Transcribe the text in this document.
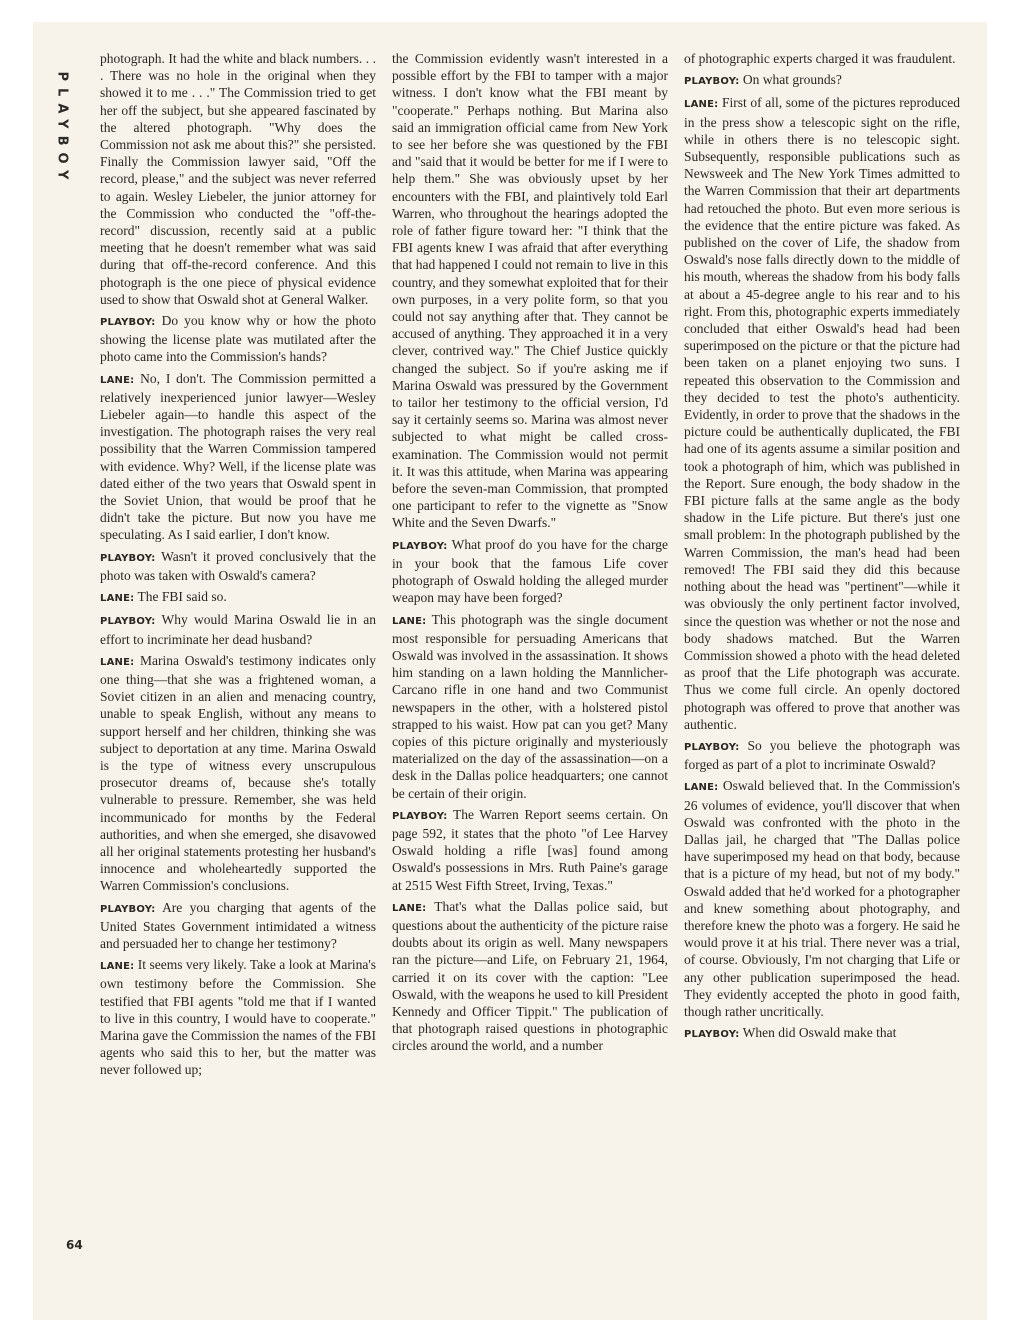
PLAYBOY
64

photograph. It had the white and black numbers. . . . There was no hole in the original when they showed it to me . . ." The Commission tried to get her off the subject, but she appeared fascinated by the altered photograph. "Why does the Commission not ask me about this?" she persisted. Finally the Commission lawyer said, "Off the record, please," and the subject was never referred to again. Wesley Liebeler, the junior attorney for the Commission who conducted the "off-the-record" discussion, recently said at a public meeting that he doesn't remember what was said during that off-the-record conference. And this photograph is the one piece of physical evidence used to show that Oswald shot at General Walker.

PLAYBOY: Do you know why or how the photo showing the license plate was mutilated after the photo came into the Commission's hands?

LANE: No, I don't. The Commission permitted a relatively inexperienced junior lawyer—Wesley Liebeler again—to handle this aspect of the investigation. The photograph raises the very real possibility that the Warren Commission tampered with evidence. Why? Well, if the license plate was dated either of the two years that Oswald spent in the Soviet Union, that would be proof that he didn't take the picture. But now you have me speculating. As I said earlier, I don't know.

PLAYBOY: Wasn't it proved conclusively that the photo was taken with Oswald's camera?

LANE: The FBI said so.

PLAYBOY: Why would Marina Oswald lie in an effort to incriminate her dead husband?

LANE: Marina Oswald's testimony indicates only one thing—that she was a frightened woman, a Soviet citizen in an alien and menacing country, unable to speak English, without any means to support herself and her children, thinking she was subject to deportation at any time. Marina Oswald is the type of witness every unscrupulous prosecutor dreams of, because she's totally vulnerable to pressure. Remember, she was held incommunicado for months by the Federal authorities, and when she emerged, she disavowed all her original statements protesting her husband's innocence and wholeheartedly supported the Warren Commission's conclusions.

PLAYBOY: Are you charging that agents of the United States Government intimidated a witness and persuaded her to change her testimony?

LANE: It seems very likely. Take a look at Marina's own testimony before the Commission. She testified that FBI agents "told me that if I wanted to live in this country, I would have to cooperate." Marina gave the Commission the names of the FBI agents who said this to her, but the matter was never followed up;

the Commission evidently wasn't interested in a possible effort by the FBI to tamper with a major witness. I don't know what the FBI meant by "cooperate." Perhaps nothing. But Marina also said an immigration official came from New York to see her before she was questioned by the FBI and "said that it would be better for me if I were to help them." She was obviously upset by her encounters with the FBI, and plaintively told Earl Warren, who throughout the hearings adopted the role of father figure toward her: "I think that the FBI agents knew I was afraid that after everything that had happened I could not remain to live in this country, and they somewhat exploited that for their own purposes, in a very polite form, so that you could not say anything after that. They cannot be accused of anything. They approached it in a very clever, contrived way." The Chief Justice quickly changed the subject. So if you're asking me if Marina Oswald was pressured by the Government to tailor her testimony to the official version, I'd say it certainly seems so. Marina was almost never subjected to what might be called cross-examination. The Commission would not permit it. It was this attitude, when Marina was appearing before the seven-man Commission, that prompted one participant to refer to the vignette as "Snow White and the Seven Dwarfs."

PLAYBOY: What proof do you have for the charge in your book that the famous Life cover photograph of Oswald holding the alleged murder weapon may have been forged?

LANE: This photograph was the single document most responsible for persuading Americans that Oswald was involved in the assassination. It shows him standing on a lawn holding the Mannlicher-Carcano rifle in one hand and two Communist newspapers in the other, with a holstered pistol strapped to his waist. How pat can you get? Many copies of this picture originally and mysteriously materialized on the day of the assassination—on a desk in the Dallas police headquarters; one cannot be certain of their origin.

PLAYBOY: The Warren Report seems certain. On page 592, it states that the photo "of Lee Harvey Oswald holding a rifle [was] found among Oswald's possessions in Mrs. Ruth Paine's garage at 2515 West Fifth Street, Irving, Texas."

LANE: That's what the Dallas police said, but questions about the authenticity of the picture raise doubts about its origin as well. Many newspapers ran the picture—and Life, on February 21, 1964, carried it on its cover with the caption: "Lee Oswald, with the weapons he used to kill President Kennedy and Officer Tippit." The publication of that photograph raised questions in photographic circles around the world, and a number

of photographic experts charged it was fraudulent.

PLAYBOY: On what grounds?

LANE: First of all, some of the pictures reproduced in the press show a telescopic sight on the rifle, while in others there is no telescopic sight. Subsequently, responsible publications such as Newsweek and The New York Times admitted to the Warren Commission that their art departments had retouched the photo. But even more serious is the evidence that the entire picture was faked. As published on the cover of Life, the shadow from Oswald's nose falls directly down to the middle of his mouth, whereas the shadow from his body falls at about a 45-degree angle to his rear and to his right. From this, photographic experts immediately concluded that either Oswald's head had been superimposed on the picture or that the picture had been taken on a planet enjoying two suns. I repeated this observation to the Commission and they decided to test the photo's authenticity. Evidently, in order to prove that the shadows in the picture could be authentically duplicated, the FBI had one of its agents assume a similar position and took a photograph of him, which was published in the Report. Sure enough, the body shadow in the FBI picture falls at the same angle as the body shadow in the Life picture. But there's just one small problem: In the photograph published by the Warren Commission, the man's head had been removed! The FBI said they did this because nothing about the head was "pertinent"—while it was obviously the only pertinent factor involved, since the question was whether or not the nose and body shadows matched. But the Warren Commission showed a photo with the head deleted as proof that the Life photograph was accurate. Thus we come full circle. An openly doctored photograph was offered to prove that another was authentic.

PLAYBOY: So you believe the photograph was forged as part of a plot to incriminate Oswald?

LANE: Oswald believed that. In the Commission's 26 volumes of evidence, you'll discover that when Oswald was confronted with the photo in the Dallas jail, he charged that "The Dallas police have superimposed my head on that body, because that is a picture of my head, but not of my body." Oswald added that he'd worked for a photographer and knew something about photography, and therefore knew the photo was a forgery. He said he would prove it at his trial. There never was a trial, of course. Obviously, I'm not charging that Life or any other publication superimposed the head. They evidently accepted the photo in good faith, though rather uncritically.

PLAYBOY: When did Oswald make that
